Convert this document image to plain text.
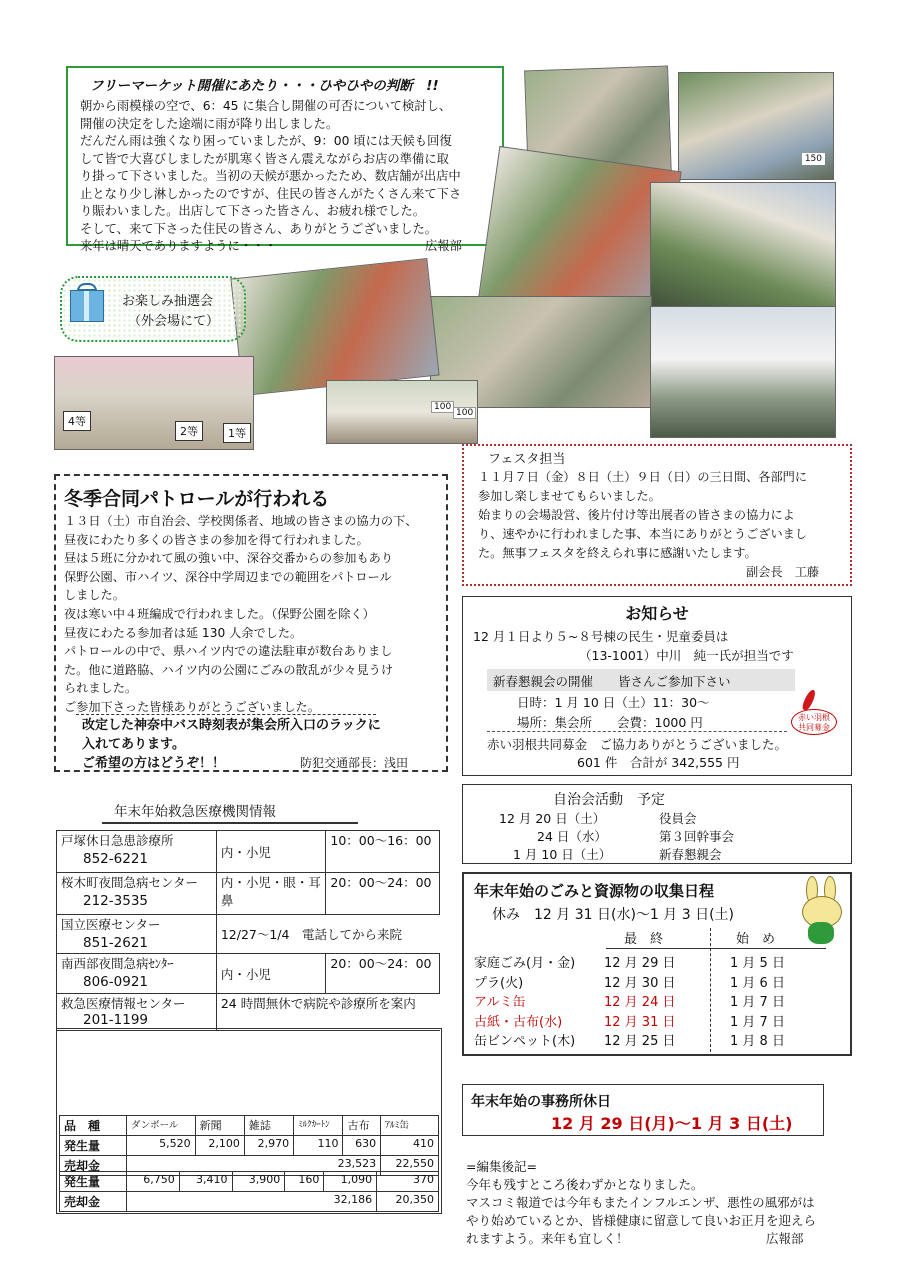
フリーマーケット開催にあたり・・・ひやひやの判断　!!
朝から雨模様の空で、6：45 に集合し開催の可否について検討し、
開催の決定をした途端に雨が降り出しました。
だんだん雨は強くなり困っていましたが、9：00 頃には天候も回復
して皆で大喜びしましたが肌寒く皆さん震えながらお店の準備に取
り掛って下さいました。当初の天候が悪かったため、数店舗が出店中
止となり少し淋しかったのですが、住民の皆さんがたくさん来て下さ
り賑わいました。出店して下さった皆さん、お疲れ様でした。
そして、来て下さった住民の皆さん、ありがとうございました。
来年は晴天でありますように・・・	広報部
150
4等
2等	1等
100
100
お楽しみ抽選会
（外会場にて）
フェスタ担当
１１月７日（金）８日（土）９日（日）の三日間、各部門に
参加し楽しませてもらいました。
始まりの会場設営、後片付け等出展者の皆さまの協力によ
り、速やかに行われました事、本当にありがとうございまし
た。無事フェスタを終えられ事に感謝いたします。
副会長　工藤
冬季合同パトロールが行われる
１３日（土）市自治会、学校関係者、地域の皆さまの協力の下、
昼夜にわたり多くの皆さまの参加を得て行われました。
昼は５班に分かれて風の強い中、深谷交番からの参加もあり
保野公園、市ハイツ、深谷中学周辺までの範囲をパトロール
しました。
夜は寒い中４班編成で行われました。（保野公園を除く）
昼夜にわたる参加者は延 130 人余でした。
パトロールの中で、県ハイツ内での違法駐車が数台ありまし
た。他に道路脇、ハイツ内の公園にごみの散乱が少々見うけ
られました。
ご参加下さった皆様ありがとうございました。
改定した神奈中バス時刻表が集会所入口のラックに
入れてあります。
ご希望の方はどうぞ！！	防犯交通部長：浅田
お知らせ
12 月１日より５~８号棟の民生・児童委員は
（13-1001）中川　純一氏が担当です
新春懇親会の開催　　皆さんご参加下さい
日時：1 月 10 日（土）11：30～
場所：集会所　　会費：1000 円	赤い羽根
共同募金
赤い羽根共同募金　ご協力ありがとうございました。
601 件　合計が 342,555 円
自治会活動　予定
12 月 20 日（土）	役員会
24 日（水）	第３回幹事会
1 月 10 日（土）	新春懇親会
年末年始のごみと資源物の収集日程
休み　12 月 31 日(水)～1 月 3 日(土)
最　終	始　め
家庭ごみ(月・金) 12 月 29 日	1 月 5 日
プラ(火)	12 月 30 日	1 月 6 日
アルミ缶	12 月 24 日	1 月 7 日
古紙・古布(水)	12 月 31 日	1 月 7 日
缶ビンペット(木) 12 月 25 日	1 月 8 日
年末年始救急医療機関情報
戸塚休日急患診療所
852-6221	内・小児	10：00～16：00

桜木町夜間急病センター
212-3535	内・小児・眼・耳鼻	20：00～24：00

国立医療センター
851-2621	12/27～1/4　電話してから来院	

南西部夜間急病ｾﾝﾀｰ
806-0921	内・小児	20：00～24：00

救急医療情報センター
201-1199	24 時間無休で病院や診療所を案内	
品　種	ダンボール	新聞	雑誌	ﾐﾙｸｶｰﾄﾝ	古布	ｱﾙﾐ缶
発生量	5,520	2,100	2,970	110	630	410
売却金	23,523					22,550
発生量	6,750	3,410	3,900	160	1,090	370
売却金	32,186					20,350
年末年始の事務所休日
12 月 29 日(月)～1 月 3 日(土)
=編集後記=
今年も残すところ後わずかとなりました。
マスコミ報道では今年もまたインフルエンザ、悪性の風邪がは
やり始めているとか、皆様健康に留意して良いお正月を迎えら
れますよう。来年も宜しく！	広報部
